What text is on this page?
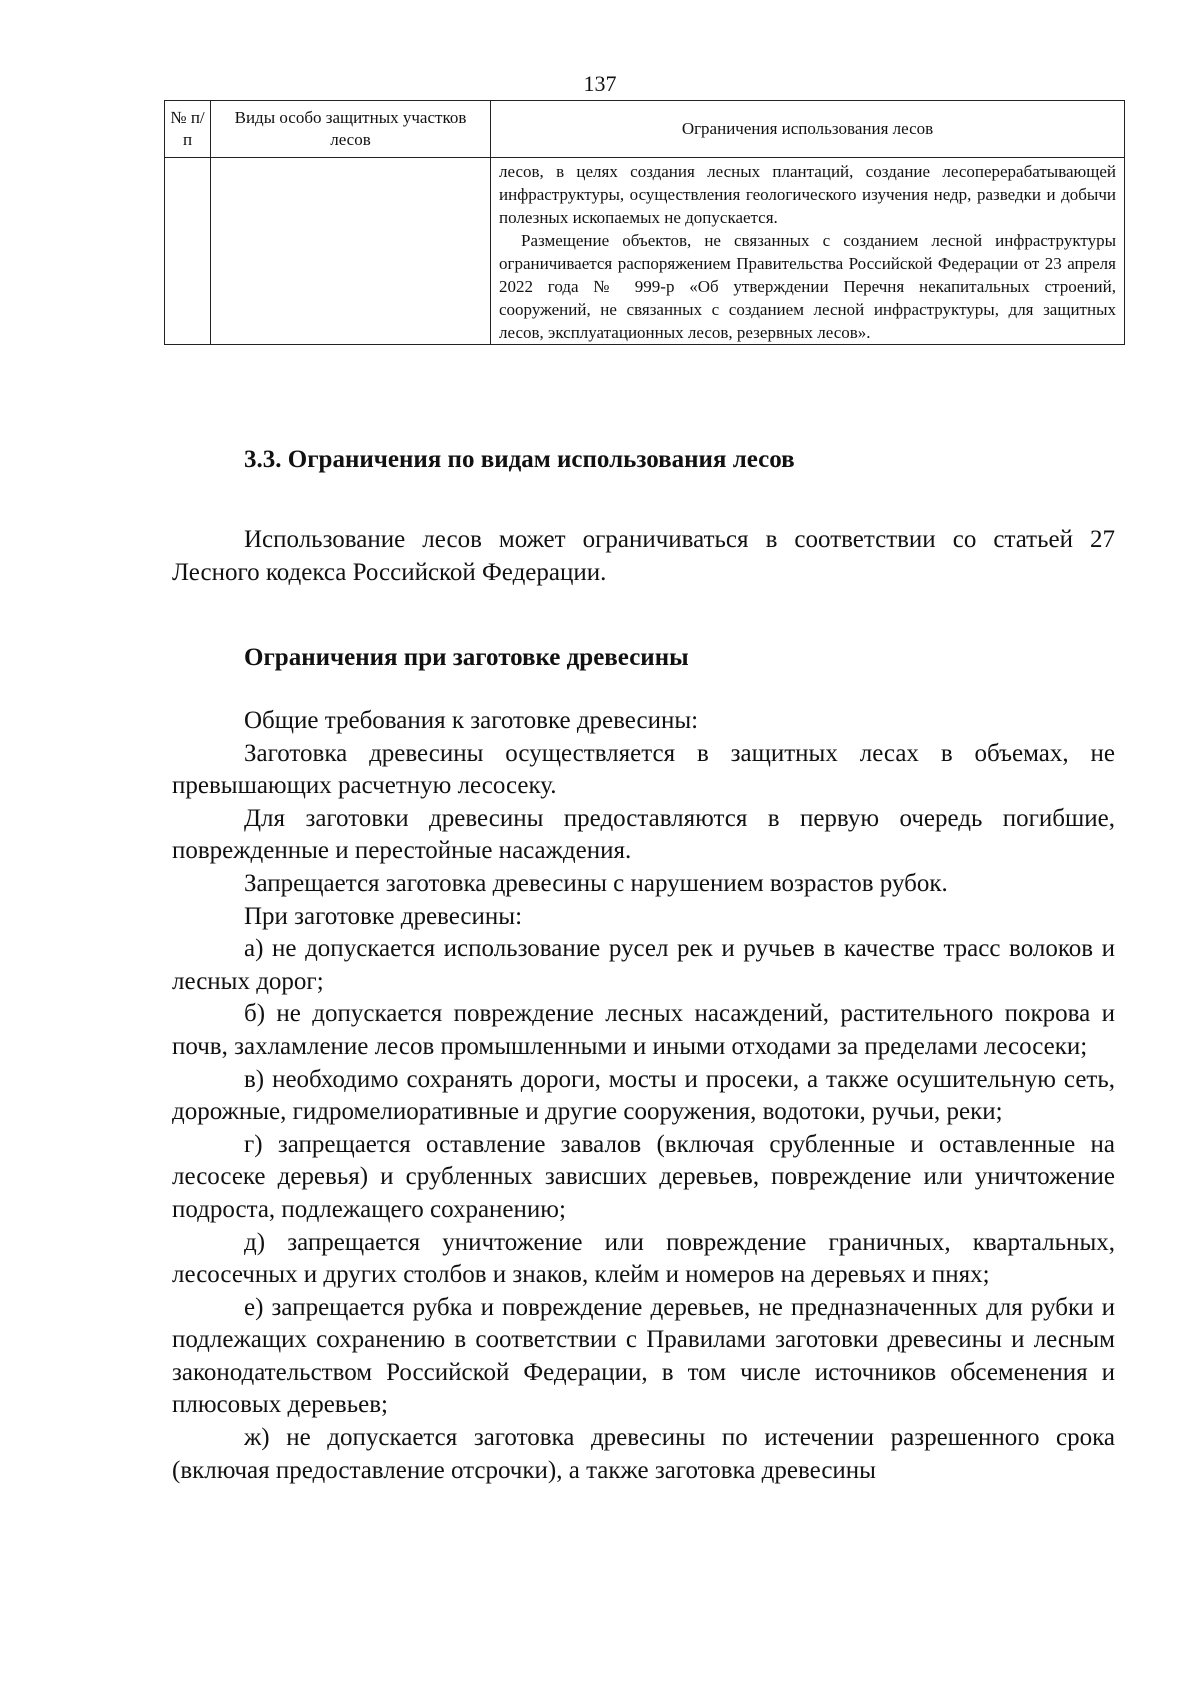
137
№ п/п	Виды особо защитных участков лесов	Ограничения использования лесов

		лесов, в целях создания лесных плантаций, создание лесоперерабатывающей инфраструктуры, осуществления геологического изучения недр, разведки и добычи полезных ископаемых не допускается.

Размещение объектов, не связанных с созданием лесной инфраструктуры ограничивается распоряжением Правительства Российской Федерации от 23 апреля 2022 года № 999-р «Об утверждении Перечня некапитальных строений, сооружений, не связанных с созданием лесной инфраструктуры, для защитных лесов, эксплуатационных лесов, резервных лесов».

3.3. Ограничения по видам использования лесов

Использование лесов может ограничиваться в соответствии со статьей 27 Лесного кодекса Российской Федерации.

Ограничения при заготовке древесины

Общие требования к заготовке древесины:

Заготовка древесины осуществляется в защитных лесах в объемах, не превышающих расчетную лесосеку.

Для заготовки древесины предоставляются в первую очередь погибшие, поврежденные и перестойные насаждения.

Запрещается заготовка древесины с нарушением возрастов рубок.

При заготовке древесины:

а) не допускается использование русел рек и ручьев в качестве трасс волоков и лесных дорог;

б) не допускается повреждение лесных насаждений, растительного покрова и почв, захламление лесов промышленными и иными отходами за пределами лесосеки;

в) необходимо сохранять дороги, мосты и просеки, а также осушительную сеть, дорожные, гидромелиоративные и другие сооружения, водотоки, ручьи, реки;

г) запрещается оставление завалов (включая срубленные и оставленные на лесосеке деревья) и срубленных зависших деревьев, повреждение или уничтожение подроста, подлежащего сохранению;

д) запрещается уничтожение или повреждение граничных, квартальных, лесосечных и других столбов и знаков, клейм и номеров на деревьях и пнях;

е) запрещается рубка и повреждение деревьев, не предназначенных для рубки и подлежащих сохранению в соответствии с Правилами заготовки древесины и лесным законодательством Российской Федерации, в том числе источников обсеменения и плюсовых деревьев;

ж) не допускается заготовка древесины по истечении разрешенного срока (включая предоставление отсрочки), а также заготовка древесины
